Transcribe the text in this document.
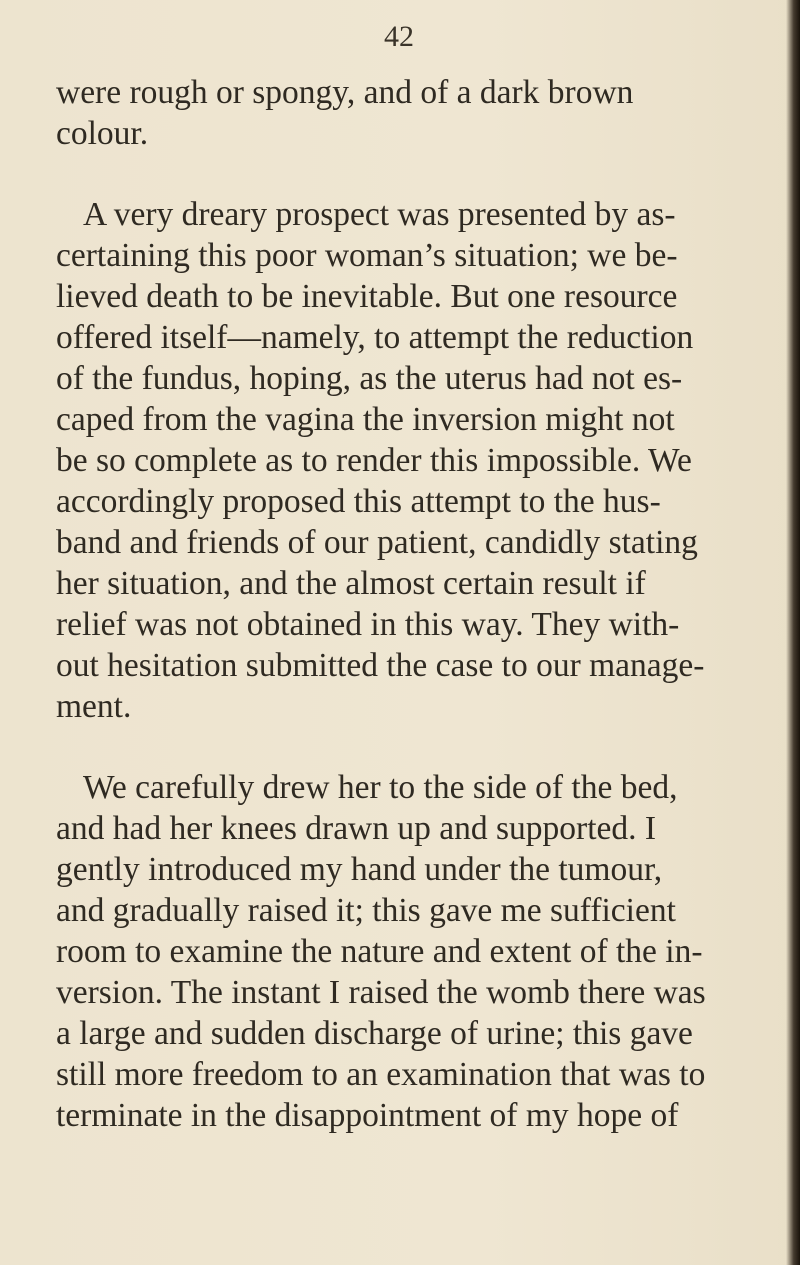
42

were rough or spongy, and of a dark brown
colour.

A very dreary prospect was presented by as-
certaining this poor woman’s situation; we be-
lieved death to be inevitable. But one resource
offered itself—namely, to attempt the reduction
of the fundus, hoping, as the uterus had not es-
caped from the vagina the inversion might not
be so complete as to render this impossible. We
accordingly proposed this attempt to the hus-
band and friends of our patient, candidly stating
her situation, and the almost certain result if
relief was not obtained in this way. They with-
out hesitation submitted the case to our manage-
ment.

We carefully drew her to the side of the bed,
and had her knees drawn up and supported. I
gently introduced my hand under the tumour,
and gradually raised it; this gave me sufficient
room to examine the nature and extent of the in-
version. The instant I raised the womb there was
a large and sudden discharge of urine; this gave
still more freedom to an examination that was to
terminate in the disappointment of my hope of
